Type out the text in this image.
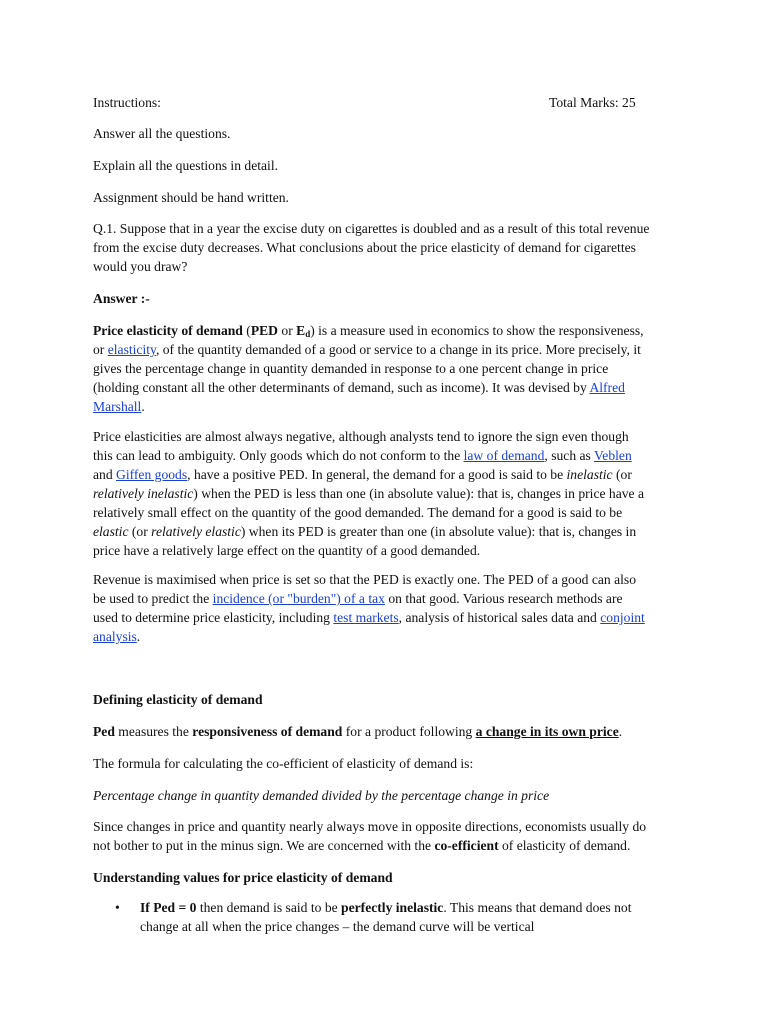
Instructions:	Total Marks: 25
Answer all the questions.
Explain all the questions in detail.
Assignment should be hand written.
Q.1. Suppose that in a year the excise duty on cigarettes is doubled and as a result of this total revenue
from the excise duty decreases. What conclusions about the price elasticity of demand for cigarettes
would you draw?
Answer :-
Price elasticity of demand (PED or $E_d$) is a measure used in economics to show the responsiveness,
or elasticity, of the quantity demanded of a good or service to a change in its price. More precisely, it
gives the percentage change in quantity demanded in response to a one percent change in price
(holding constant all the other determinants of demand, such as income). It was devised by Alfred
Marshall.
Price elasticities are almost always negative, although analysts tend to ignore the sign even though
this can lead to ambiguity. Only goods which do not conform to the law of demand, such as Veblen
and Giffen goods, have a positive PED. In general, the demand for a good is said to be inelastic (or
relatively inelastic) when the PED is less than one (in absolute value): that is, changes in price have a
relatively small effect on the quantity of the good demanded. The demand for a good is said to be
elastic (or relatively elastic) when its PED is greater than one (in absolute value): that is, changes in
price have a relatively large effect on the quantity of a good demanded.
Revenue is maximised when price is set so that the PED is exactly one. The PED of a good can also
be used to predict the incidence (or "burden") of a tax on that good. Various research methods are
used to determine price elasticity, including test markets, analysis of historical sales data and conjoint
analysis.
Defining elasticity of demand
Ped measures the responsiveness of demand for a product following a change in its own price.
The formula for calculating the co-efficient of elasticity of demand is:
Percentage change in quantity demanded divided by the percentage change in price
Since changes in price and quantity nearly always move in opposite directions, economists usually do
not bother to put in the minus sign. We are concerned with the co-efficient of elasticity of demand.
Understanding values for price elasticity of demand
• If Ped = 0 then demand is said to be perfectly inelastic. This means that demand does not
change at all when the price changes – the demand curve will be vertical
